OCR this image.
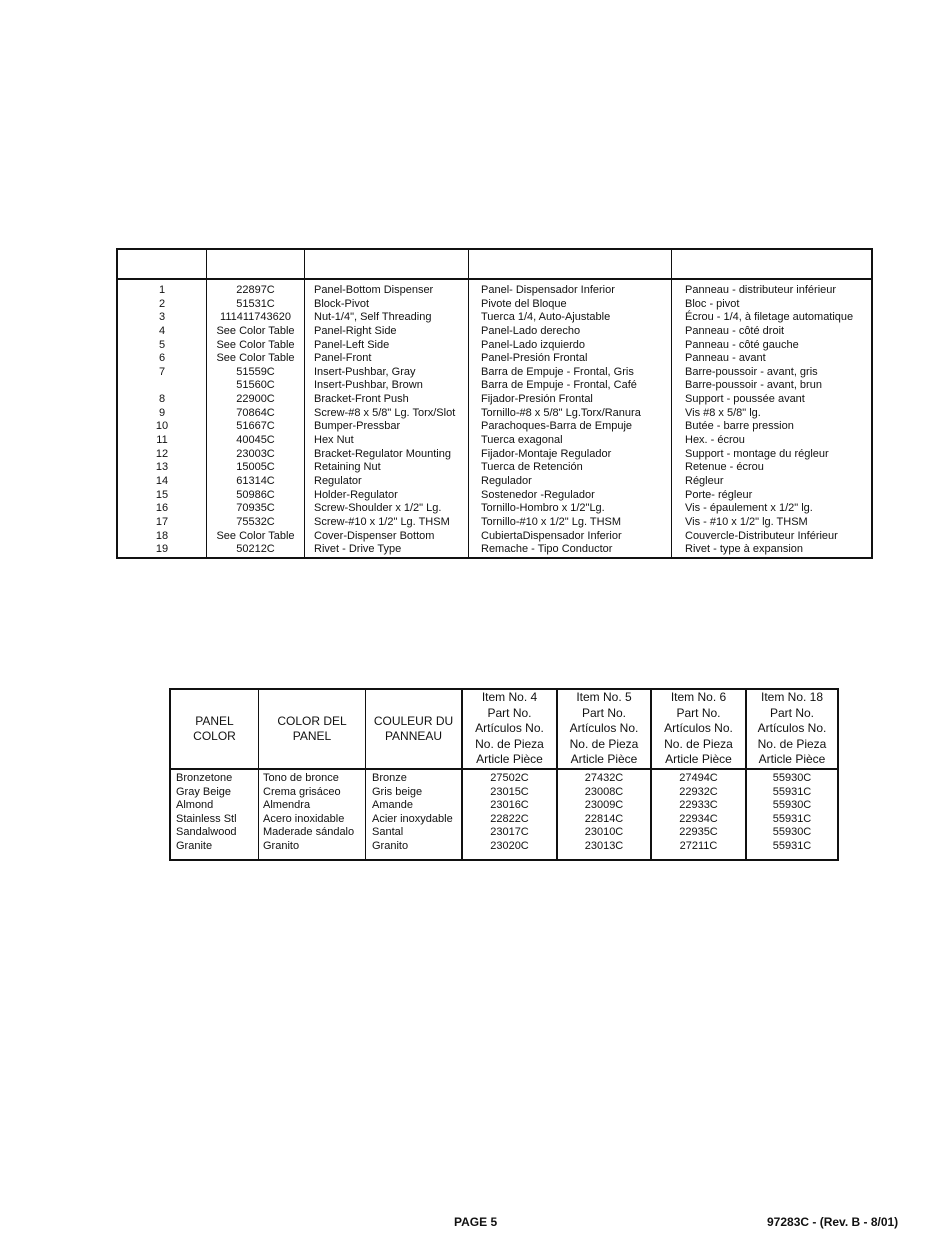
1
2
3
4
5
6
7
8
9
10
11
12
13
14
15
16
17
18
19
22897C
51531C
111411743620
See Color Table
See Color Table
See Color Table
51559C
51560C
22900C
70864C
51667C
40045C
23003C
15005C
61314C
50986C
70935C
75532C
See Color Table
50212C
Panel-Bottom Dispenser
Block-Pivot
Nut-1/4", Self Threading
Panel-Right Side
Panel-Left Side
Panel-Front
Insert-Pushbar, Gray
Insert-Pushbar, Brown
Bracket-Front Push
Screw-#8 x 5/8" Lg. Torx/Slot
Bumper-Pressbar
Hex Nut
Bracket-Regulator Mounting
Retaining Nut
Regulator
Holder-Regulator
Screw-Shoulder x 1/2" Lg.
Screw-#10 x 1/2" Lg. THSM
Cover-Dispenser Bottom
Rivet - Drive Type
Panel- Dispensador Inferior
Pivote del Bloque
Tuerca 1/4, Auto-Ajustable
Panel-Lado derecho
Panel-Lado izquierdo
Panel-Presión Frontal
Barra de Empuje - Frontal, Gris
Barra de Empuje - Frontal, Café
Fijador-Presión Frontal
Tornillo-#8 x 5/8" Lg.Torx/Ranura
Parachoques-Barra de Empuje
Tuerca exagonal
Fijador-Montaje Regulador
Tuerca de Retención
Regulador
Sostenedor -Regulador
Tornillo-Hombro x 1/2"Lg.
Tornillo-#10 x 1/2" Lg. THSM
CubiertaDispensador Inferior
Remache - Tipo Conductor
Panneau - distributeur inférieur
Bloc - pivot
Écrou - 1/4, à filetage automatique
Panneau - côté droit
Panneau - côté gauche
Panneau - avant
Barre-poussoir - avant, gris
Barre-poussoir - avant, brun
Support - poussée avant
Vis #8 x 5/8" lg.
Butée - barre pression
Hex. - écrou
Support - montage du régleur
Retenue - écrou
Régleur
Porte- régleur
Vis - épaulement x 1/2" lg.
Vis - #10 x 1/2" lg. THSM
Couvercle-Distributeur Inférieur
Rivet - type à expansion
PANEL
COLOR
COLOR DEL
PANEL
COULEUR DU
PANNEAU
Item No. 4
Part No.
Artículos No.
No. de Pieza
Article Pièce
Item No. 5
Part No.
Artículos No.
No. de Pieza
Article Pièce
Item No. 6
Part No.
Artículos No.
No. de Pieza
Article Pièce
Item No. 18
Part No.
Artículos No.
No. de Pieza
Article Pièce
Bronzetone
Gray Beige
Almond
Stainless Stl
Sandalwood
Granite
Tono de bronce
Crema grisáceo
Almendra
Acero inoxidable
Maderade sándalo
Granito
Bronze
Gris beige
Amande
Acier inoxydable
Santal
Granito
27502C
23015C
23016C
22822C
23017C
23020C
27432C
23008C
23009C
22814C
23010C
23013C
27494C
22932C
22933C
22934C
22935C
27211C
55930C
55931C
55930C
55931C
55930C
55931C
PAGE 5	97283C - (Rev. B - 8/01)
